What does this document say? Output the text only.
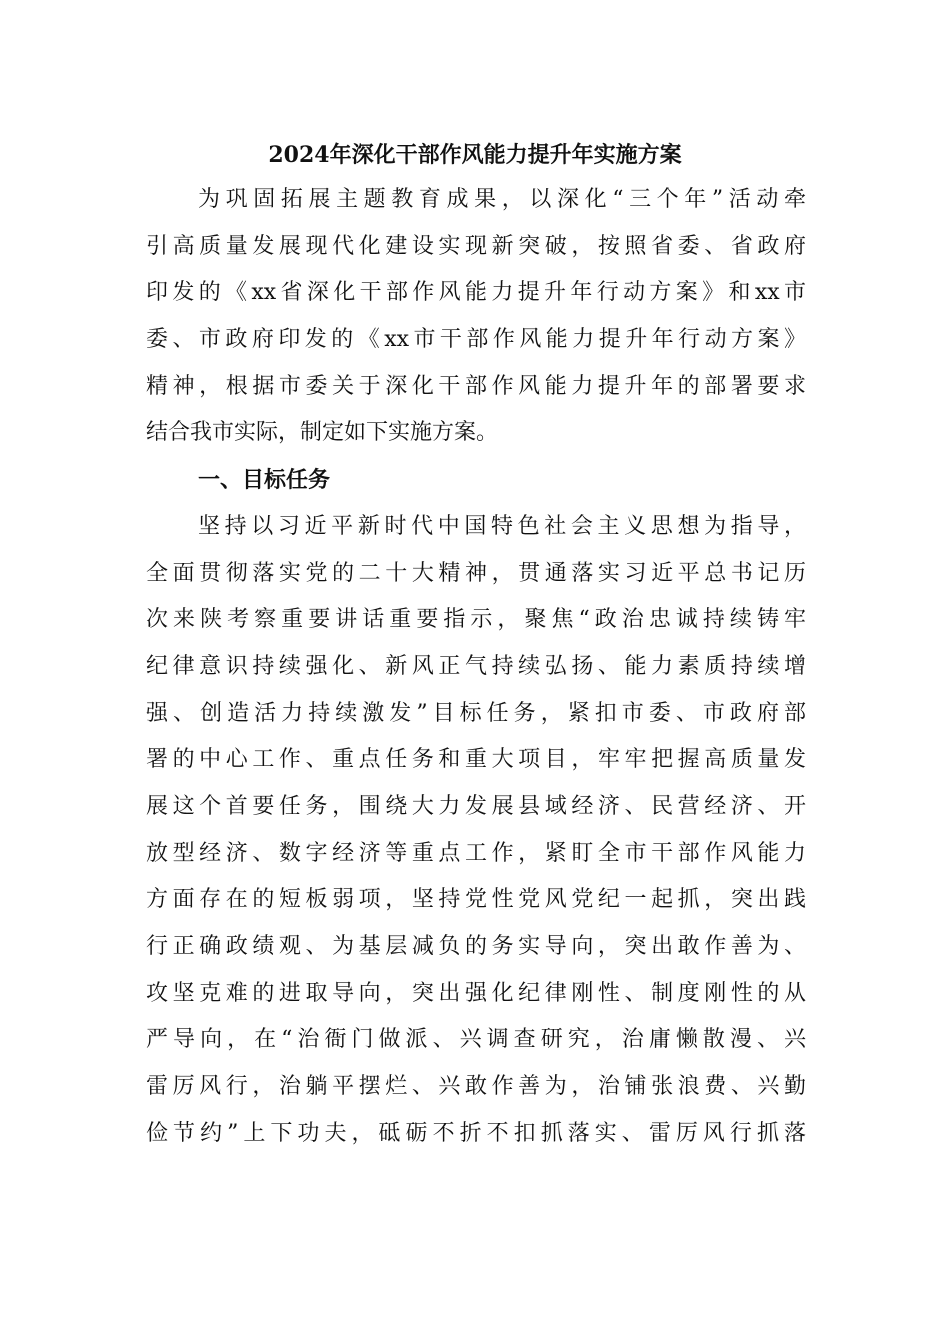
2024年深化干部作风能力提升年实施方案
为巩固拓展主题教育成果，以深化“三个年”活动牵
引高质量发展现代化建设实现新突破，按照省委、省政府
印发的《xx省深化干部作风能力提升年行动方案》和xx市
委、市政府印发的《xx市干部作风能力提升年行动方案》
精神，根据市委关于深化干部作风能力提升年的部署要求
结合我市实际，制定如下实施方案。
一、目标任务
坚持以习近平新时代中国特色社会主义思想为指导，
全面贯彻落实党的二十大精神，贯通落实习近平总书记历
次来陕考察重要讲话重要指示，聚焦“政治忠诚持续铸牢
纪律意识持续强化、新风正气持续弘扬、能力素质持续增
强、创造活力持续激发”目标任务，紧扣市委、市政府部
署的中心工作、重点任务和重大项目，牢牢把握高质量发
展这个首要任务，围绕大力发展县域经济、民营经济、开
放型经济、数字经济等重点工作，紧盯全市干部作风能力
方面存在的短板弱项，坚持党性党风党纪一起抓，突出践
行正确政绩观、为基层减负的务实导向，突出敢作善为、
攻坚克难的进取导向，突出强化纪律刚性、制度刚性的从
严导向，在“治衙门做派、兴调查研究，治庸懒散漫、兴
雷厉风行，治躺平摆烂、兴敢作善为，治铺张浪费、兴勤
俭节约”上下功夫，砥砺不折不扣抓落实、雷厉风行抓落
